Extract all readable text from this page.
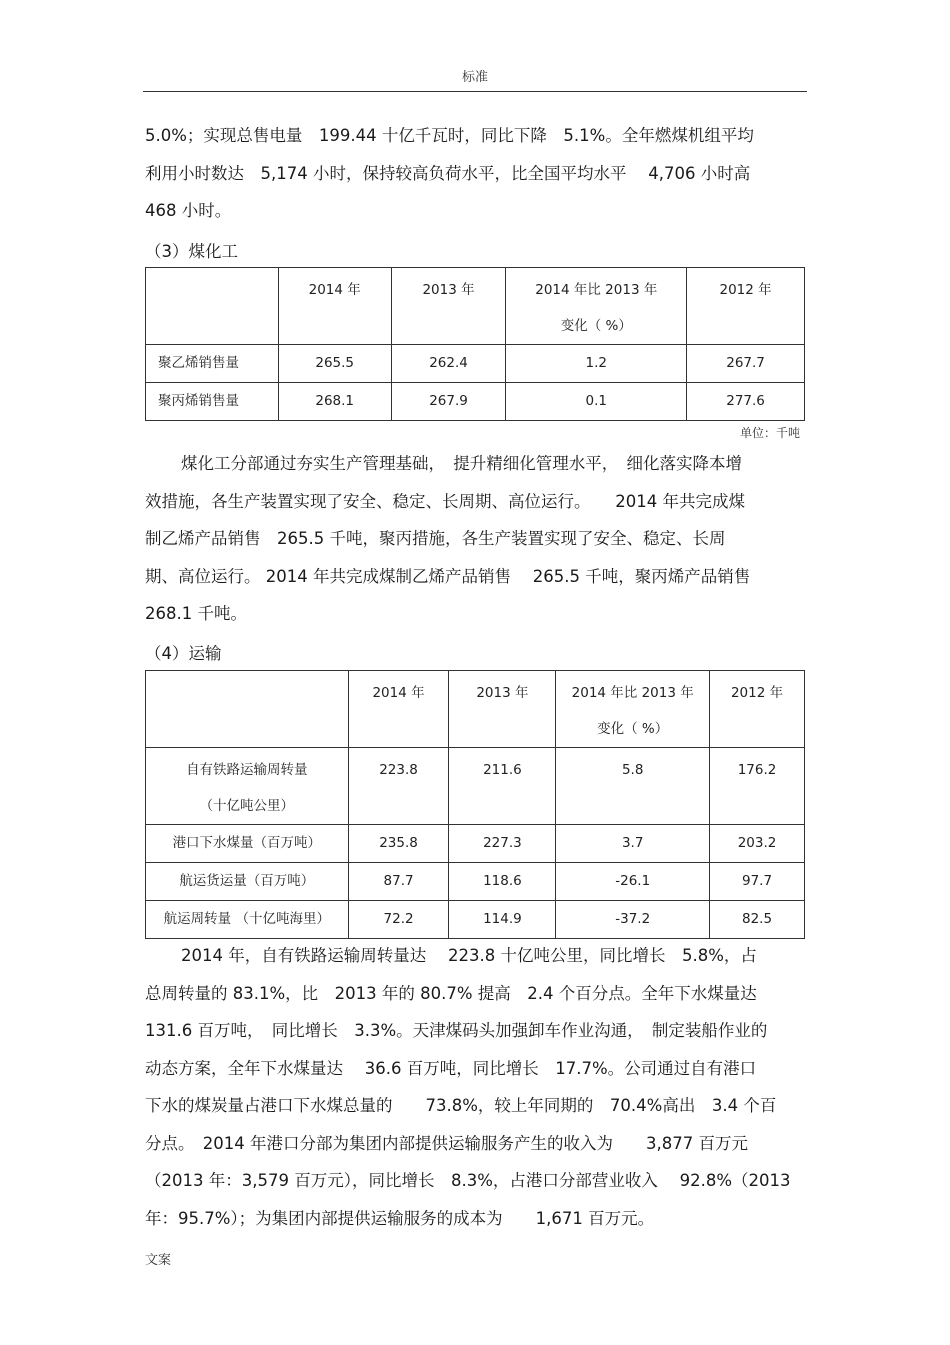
标准

5.0%；实现总售电量　199.44 十亿千瓦时，同比下降　5.1%。全年燃煤机组平均
利用小时数达　5,174 小时，保持较高负荷水平，比全国平均水平　 4,706 小时高
468 小时。

（3）煤化工

	2014 年	2013 年	2014 年比 2013 年
变化（ %）	2012 年

聚乙烯销售量	265.5	262.4	1.2	267.7

聚丙烯销售量	268.1	267.9	0.1	277.6
单位：千吨

煤化工分部通过夯实生产管理基础，　提升精细化管理水平，　细化落实降本增
效措施，各生产装置实现了安全、稳定、长周期、高位运行。　　2014 年共完成煤
制乙烯产品销售　265.5 千吨，聚丙措施，各生产装置实现了安全、稳定、长周
期、高位运行。 2014 年共完成煤制乙烯产品销售　 265.5 千吨，聚丙烯产品销售
268.1 千吨。

（4）运输

	2014 年	2013 年	2014 年比 2013 年
变化（ %）	2012 年

自有铁路运输周转量
（十亿吨公里）	223.8	211.6	5.8	176.2

港口下水煤量（百万吨）	235.8	227.3	3.7	203.2

航运货运量（百万吨）	87.7	118.6	-26.1	97.7

航运周转量 （十亿吨海里）	72.2	114.9	-37.2	82.5

2014 年，自有铁路运输周转量达　 223.8 十亿吨公里，同比增长　5.8%，占
总周转量的 83.1%，比　2013 年的 80.7% 提高　2.4 个百分点。全年下水煤量达
131.6 百万吨，　同比增长　3.3%。天津煤码头加强卸车作业沟通，　制定装船作业的
动态方案，全年下水煤量达　 36.6 百万吨，同比增长　17.7%。公司通过自有港口
下水的煤炭量占港口下水煤总量的　　73.8%，较上年同期的　70.4%高出　3.4 个百
分点。　2014 年港口分部为集团内部提供运输服务产生的收入为　　3,877 百万元
（2013 年：3,579 百万元），同比增长　8.3%，占港口分部营业收入　 92.8%（2013
年：95.7%）；为集团内部提供运输服务的成本为　　1,671 百万元。

文案
